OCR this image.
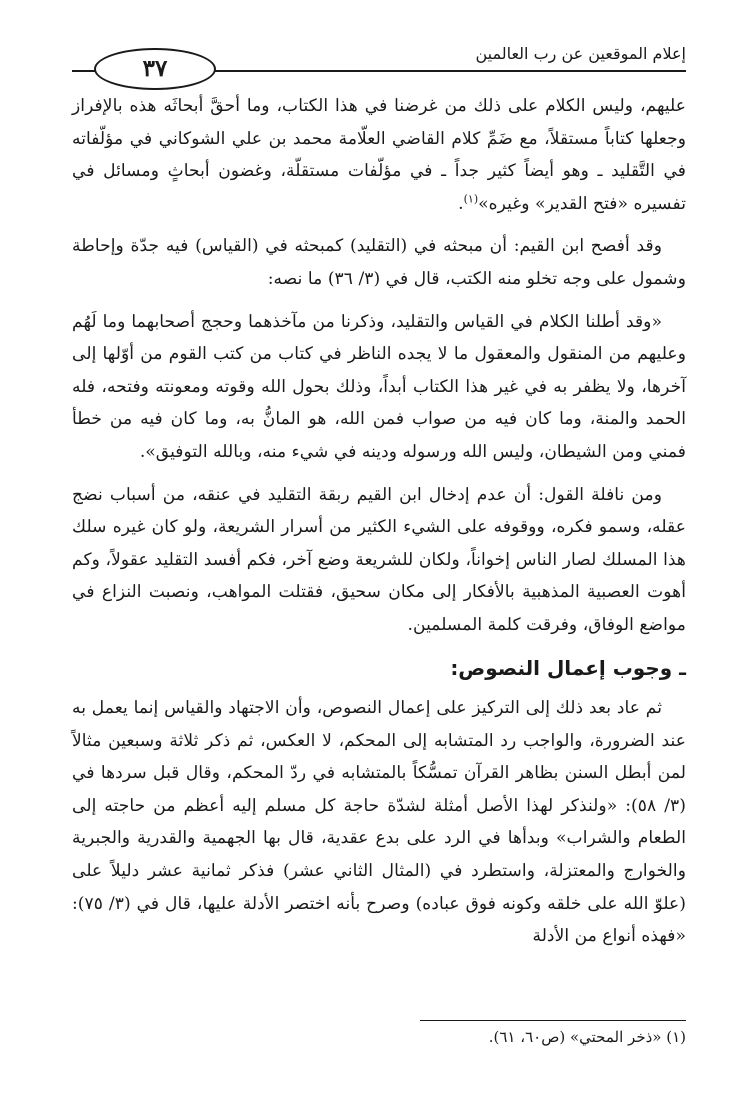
٣٧
إعلام الموقعين عن رب العالمين

عليهم، وليس الكلام على ذلك من غرضنا في هذا الكتاب، وما أحقَّ أبحاثَه هذه بالإفراز وجعلها كتاباً مستقلاً، مع ضَمِّ كلام القاضي العلّامة محمد بن علي الشوكاني في مؤلّفاته في التَّقليد ـ وهو أيضاً كثير جداً ـ في مؤلّفات مستقلّة، وغضون أبحاثٍ ومسائل في تفسيره «فتح القدير» وغيره»$^{(١)}$.

وقد أفصح ابن القيم: أن مبحثه في (التقليد) كمبحثه في (القياس) فيه جدّة وإحاطة وشمول على وجه تخلو منه الكتب، قال في (٣/ ٣٦) ما نصه:

«وقد أطلنا الكلام في القياس والتقليد، وذكرنا من مآخذهما وحجج أصحابهما وما لَهُم وعليهم من المنقول والمعقول ما لا يجده الناظر في كتاب من كتب القوم من أوّلها إلى آخرها، ولا يظفر به في غير هذا الكتاب أبداً، وذلك بحول الله وقوته ومعونته وفتحه، فله الحمد والمنة، وما كان فيه من صواب فمن الله، هو المانُّ به، وما كان فيه من خطأ فمني ومن الشيطان، وليس الله ورسوله ودينه في شيء منه، وبالله التوفيق».

ومن نافلة القول: أن عدم إدخال ابن القيم ربقة التقليد في عنقه، من أسباب نضج عقله، وسمو فكره، ووقوفه على الشيء الكثير من أسرار الشريعة، ولو كان غيره سلك هذا المسلك لصار الناس إخواناً، ولكان للشريعة وضع آخر، فكم أفسد التقليد عقولاً، وكم أهوت العصبية المذهبية بالأفكار إلى مكان سحيق، فقتلت المواهب، ونصبت النزاع في مواضع الوفاق، وفرقت كلمة المسلمين.

ـ وجوب إعمال النصوص:

ثم عاد بعد ذلك إلى التركيز على إعمال النصوص، وأن الاجتهاد والقياس إنما يعمل به عند الضرورة، والواجب رد المتشابه إلى المحكم، لا العكس، ثم ذكر ثلاثة وسبعين مثالاً لمن أبطل السنن بظاهر القرآن تمسُّكاً بالمتشابه في ردّ المحكم، وقال قبل سردها في (٣/ ٥٨): «ولنذكر لهذا الأصل أمثلة لشدّة حاجة كل مسلم إليه أعظم من حاجته إلى الطعام والشراب» وبدأها في الرد على بدع عقدية، قال بها الجهمية والقدرية والجبرية والخوارج والمعتزلة، واستطرد في (المثال الثاني عشر) فذكر ثمانية عشر دليلاً على (علوّ الله على خلقه وكونه فوق عباده) وصرح بأنه اختصر الأدلة عليها، قال في (٣/ ٧٥): «فهذه أنواع من الأدلة

(١) «ذخر المحتي» (ص٦٠، ٦١).
